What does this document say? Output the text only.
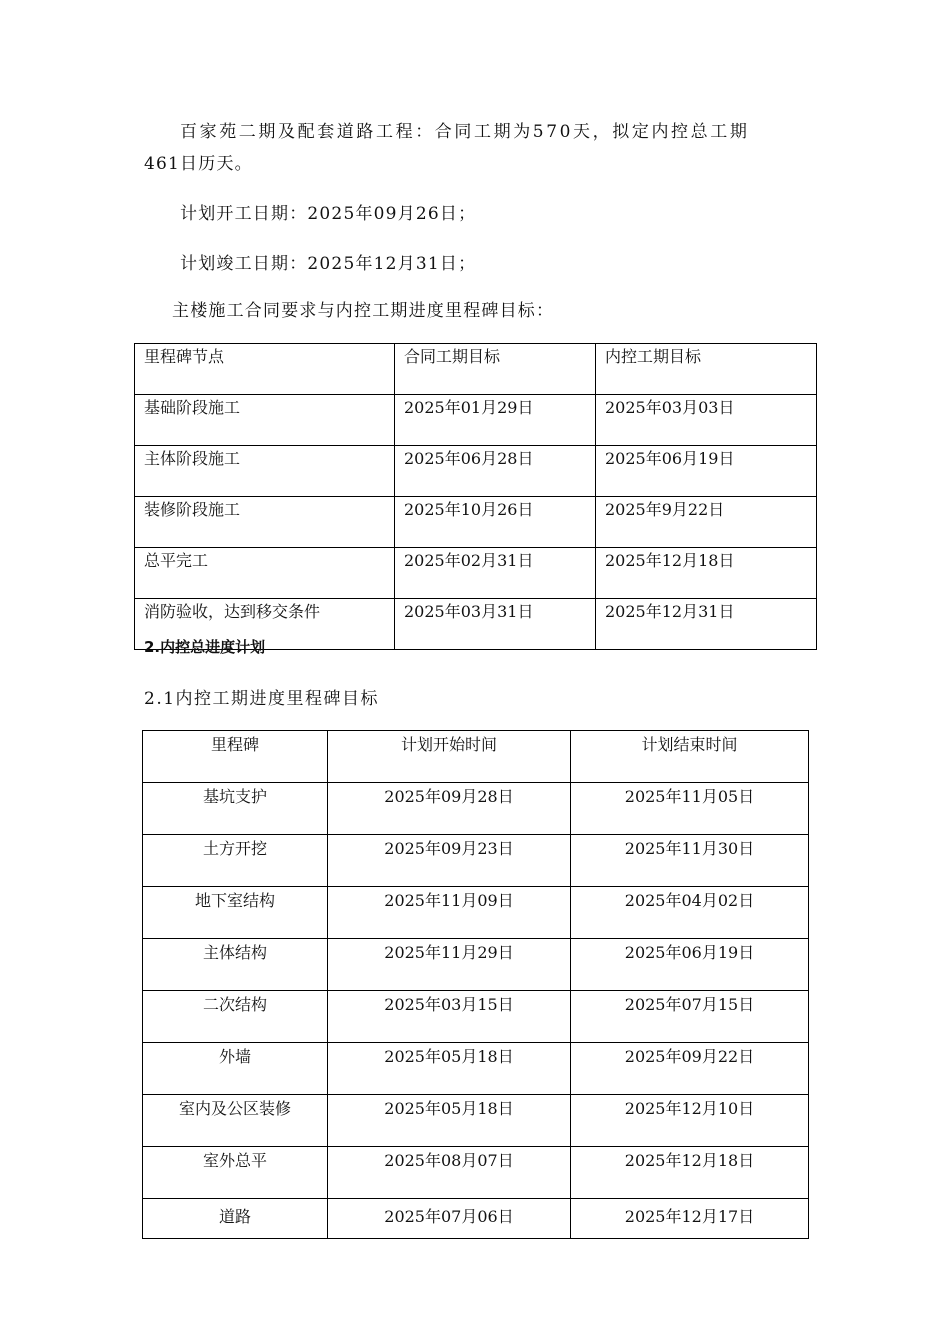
百家苑二期及配套道路工程：合同工期为570天，拟定内控总工期
461日历天。
计划开工日期：2025年09月26日；
计划竣工日期：2025年12月31日；
主楼施工合同要求与内控工期进度里程碑目标：
里程碑节点	合同工期目标	内控工期目标
基础阶段施工	2025年01月29日	2025年03月03日
主体阶段施工	2025年06月28日	2025年06月19日
装修阶段施工	2025年10月26日	2025年9月22日
总平完工	2025年02月31日	2025年12月18日
消防验收，达到移交条件	2025年03月31日	2025年12月31日
2.内控总进度计划
2.1内控工期进度里程碑目标
里程碑	计划开始时间	计划结束时间
基坑支护	2025年09月28日	2025年11月05日
土方开挖	2025年09月23日	2025年11月30日
地下室结构	2025年11月09日	2025年04月02日
主体结构	2025年11月29日	2025年06月19日
二次结构	2025年03月15日	2025年07月15日
外墙	2025年05月18日	2025年09月22日
室内及公区装修	2025年05月18日	2025年12月10日
室外总平	2025年08月07日	2025年12月18日
道路	2025年07月06日	2025年12月17日
